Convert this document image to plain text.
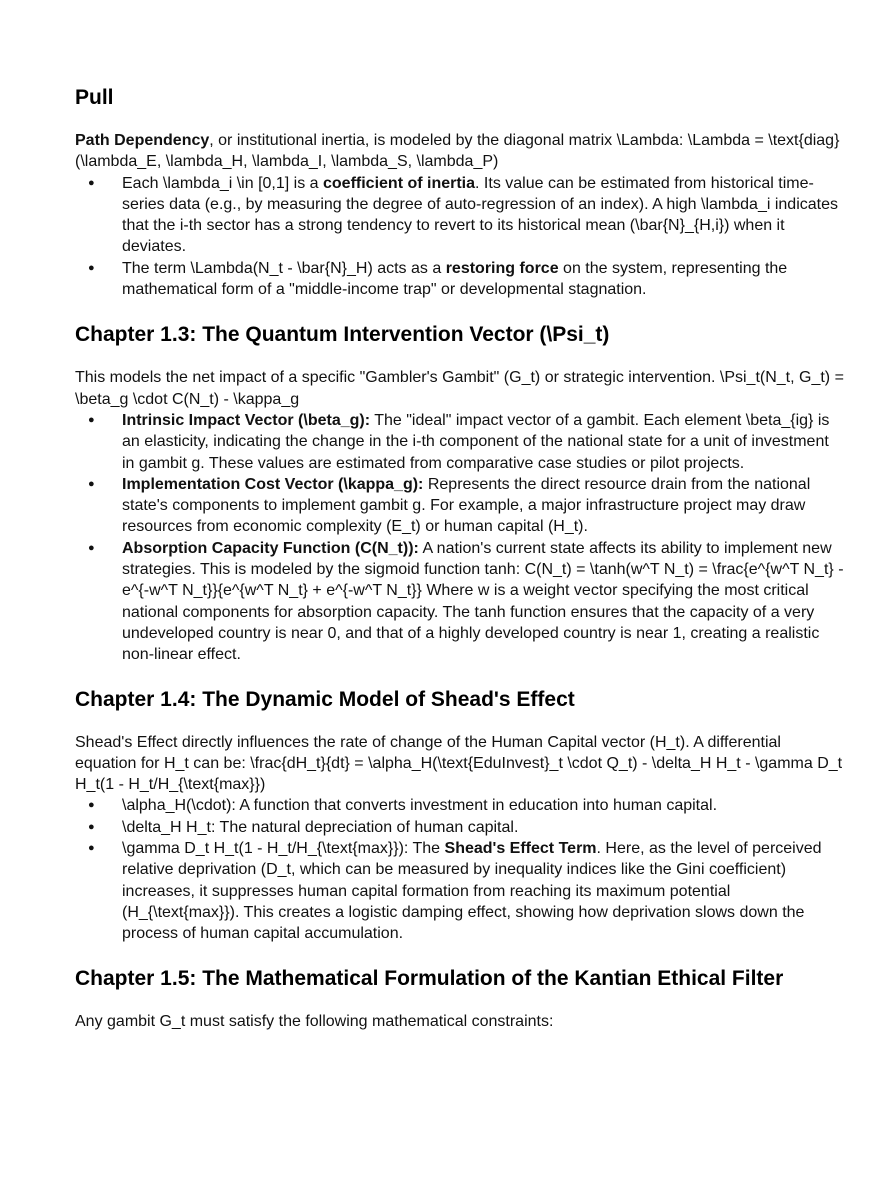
Pull

Path Dependency, or institutional inertia, is modeled by the diagonal matrix \Lambda: \Lambda = \text{diag}(\lambda_E, \lambda_H, \lambda_I, \lambda_S, \lambda_P)

● Each \lambda_i \in [0,1] is a coefficient of inertia. Its value can be estimated from historical time-series data (e.g., by measuring the degree of auto-regression of an index). A high \lambda_i indicates that the i-th sector has a strong tendency to revert to its historical mean (\bar{N}_{H,i}) when it deviates.
● The term \Lambda(N_t - \bar{N}_H) acts as a restoring force on the system, representing the mathematical form of a "middle-income trap" or developmental stagnation.
Chapter 1.3: The Quantum Intervention Vector (\Psi_t)

This models the net impact of a specific "Gambler's Gambit" (G_t) or strategic intervention. \Psi_t(N_t, G_t) = \beta_g \cdot C(N_t) - \kappa_g

● Intrinsic Impact Vector (\beta_g): The "ideal" impact vector of a gambit. Each element \beta_{ig} is an elasticity, indicating the change in the i-th component of the national state for a unit of investment in gambit g. These values are estimated from comparative case studies or pilot projects.
● Implementation Cost Vector (\kappa_g): Represents the direct resource drain from the national state's components to implement gambit g. For example, a major infrastructure project may draw resources from economic complexity (E_t) or human capital (H_t).
● Absorption Capacity Function (C(N_t)): A nation's current state affects its ability to implement new strategies. This is modeled by the sigmoid function tanh: C(N_t) = \tanh(w^T N_t) = \frac{e^{w^T N_t} - e^{-w^T N_t}}{e^{w^T N_t} + e^{-w^T N_t}} Where w is a weight vector specifying the most critical national components for absorption capacity. The tanh function ensures that the capacity of a very undeveloped country is near 0, and that of a highly developed country is near 1, creating a realistic non-linear effect.
Chapter 1.4: The Dynamic Model of Shead's Effect

Shead's Effect directly influences the rate of change of the Human Capital vector (H_t). A differential equation for H_t can be: \frac{dH_t}{dt} = \alpha_H(\text{EduInvest}_t \cdot Q_t) - \delta_H H_t - \gamma D_t H_t(1 - H_t/H_{\text{max}})

● \alpha_H(\cdot): A function that converts investment in education into human capital.
● \delta_H H_t: The natural depreciation of human capital.
● \gamma D_t H_t(1 - H_t/H_{\text{max}}): The Shead's Effect Term. Here, as the level of perceived relative deprivation (D_t, which can be measured by inequality indices like the Gini coefficient) increases, it suppresses human capital formation from reaching its maximum potential (H_{\text{max}}). This creates a logistic damping effect, showing how deprivation slows down the process of human capital accumulation.
Chapter 1.5: The Mathematical Formulation of the Kantian Ethical Filter

Any gambit G_t must satisfy the following mathematical constraints:
